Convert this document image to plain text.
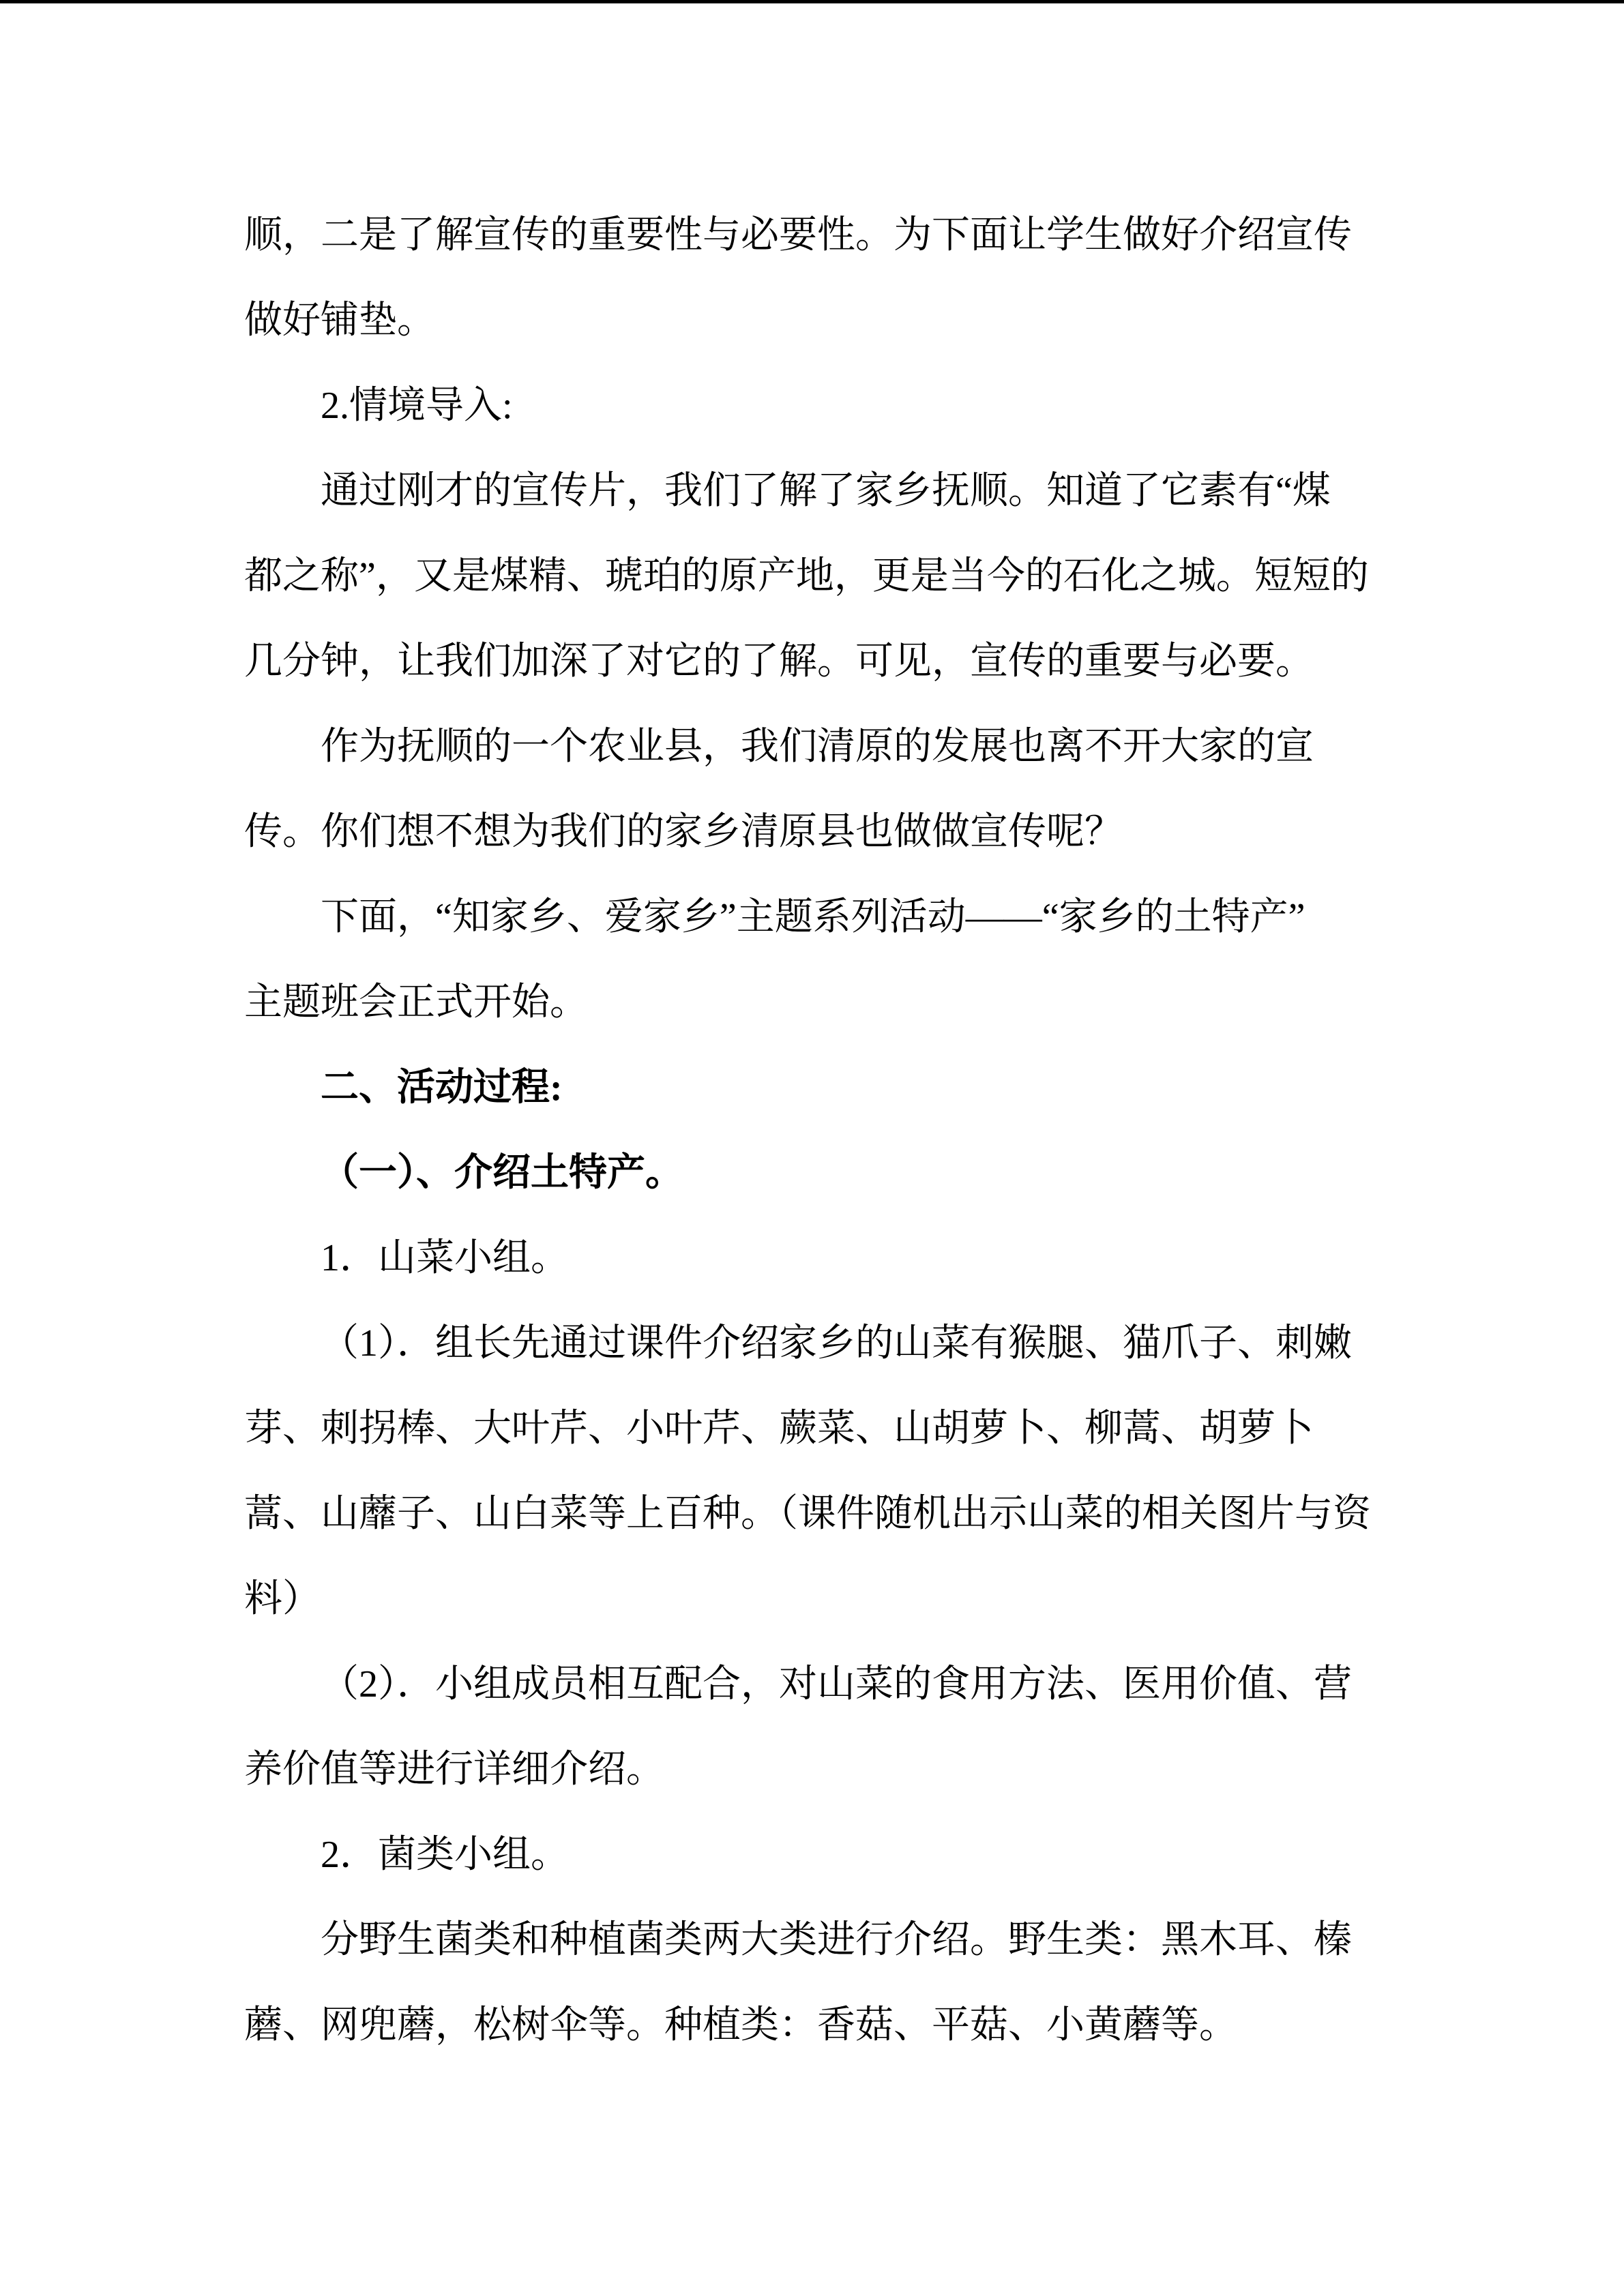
顺，二是了解宣传的重要性与必要性。为下面让学生做好介绍宣传
做好铺垫。
2.情境导入:
通过刚才的宣传片，我们了解了家乡抚顺。知道了它素有“煤
都之称”，又是煤精、琥珀的原产地，更是当今的石化之城。短短的
几分钟，让我们加深了对它的了解。可见，宣传的重要与必要。
作为抚顺的一个农业县，我们清原的发展也离不开大家的宣
传。你们想不想为我们的家乡清原县也做做宣传呢？
下面，“知家乡、爱家乡”主题系列活动——“家乡的土特产”
主题班会正式开始。
二、活动过程:
（一）、介绍土特产。
1．山菜小组。
（1）．组长先通过课件介绍家乡的山菜有猴腿、猫爪子、刺嫩
芽、刺拐棒、大叶芹、小叶芹、蕨菜、山胡萝卜、柳蒿、胡萝卜
蒿、山蘼子、山白菜等上百种。（课件随机出示山菜的相关图片与资
料）
（2）．小组成员相互配合，对山菜的食用方法、医用价值、营
养价值等进行详细介绍。
2．菌类小组。
分野生菌类和种植菌类两大类进行介绍。野生类：黑木耳、榛
蘑、网兜蘑，松树伞等。种植类：香菇、平菇、小黄蘑等。
